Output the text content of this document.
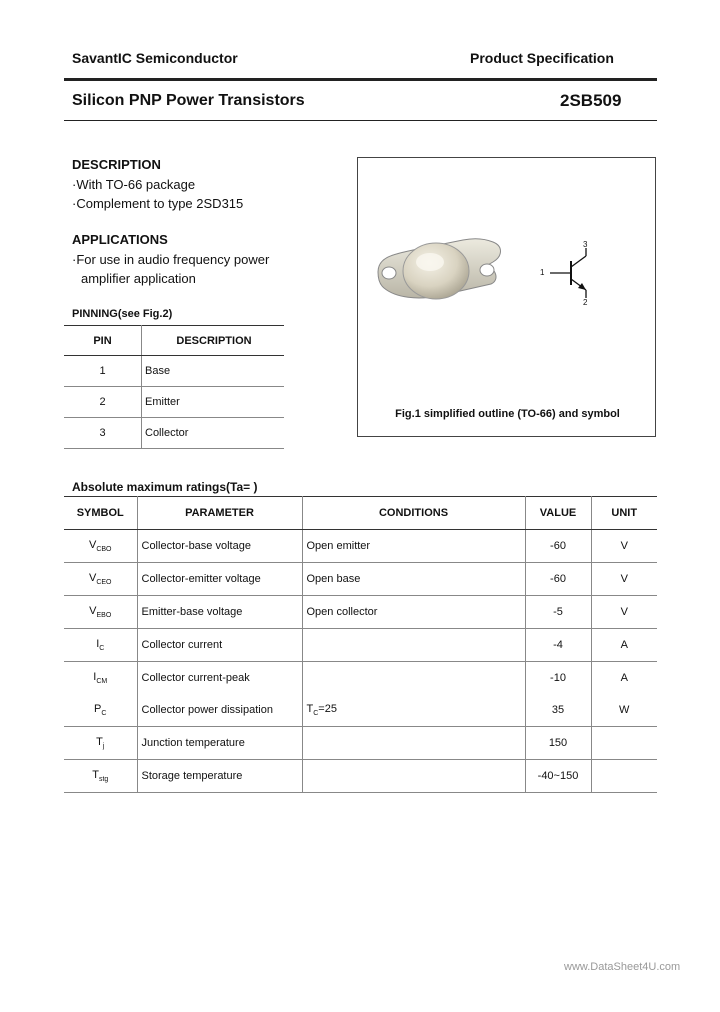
SavantIC Semiconductor	Product Specification
Silicon PNP Power Transistors	2SB509
DESCRIPTION
·With TO-66 package
·Complement to type 2SD315
APPLICATIONS
·For use in audio frequency power
amplifier application
PINNING(see Fig.2)
PIN	DESCRIPTION
1	Base
2	Emitter
3	Collector
1
2
3
Fig.1 simplified outline (TO-66) and symbol
Absolute maximum ratings(Ta= )
SYMBOL	PARAMETER	CONDITIONS	VALUE	UNIT
$V_{CBO}$	Collector-base voltage	Open emitter	-60	V
$V_{CEO}$	Collector-emitter voltage	Open base	-60	V
$V_{EBO}$	Emitter-base voltage	Open collector	-5	V
$I_C$	Collector current		-4	A
$I_{CM}$	Collector current-peak		-10	A
$P_C$	Collector power dissipation	$T_C=25$	35	W
$T_j$	Junction temperature		150	
$T_{stg}$	Storage temperature		-40~150	
www.DataSheet4U.com
